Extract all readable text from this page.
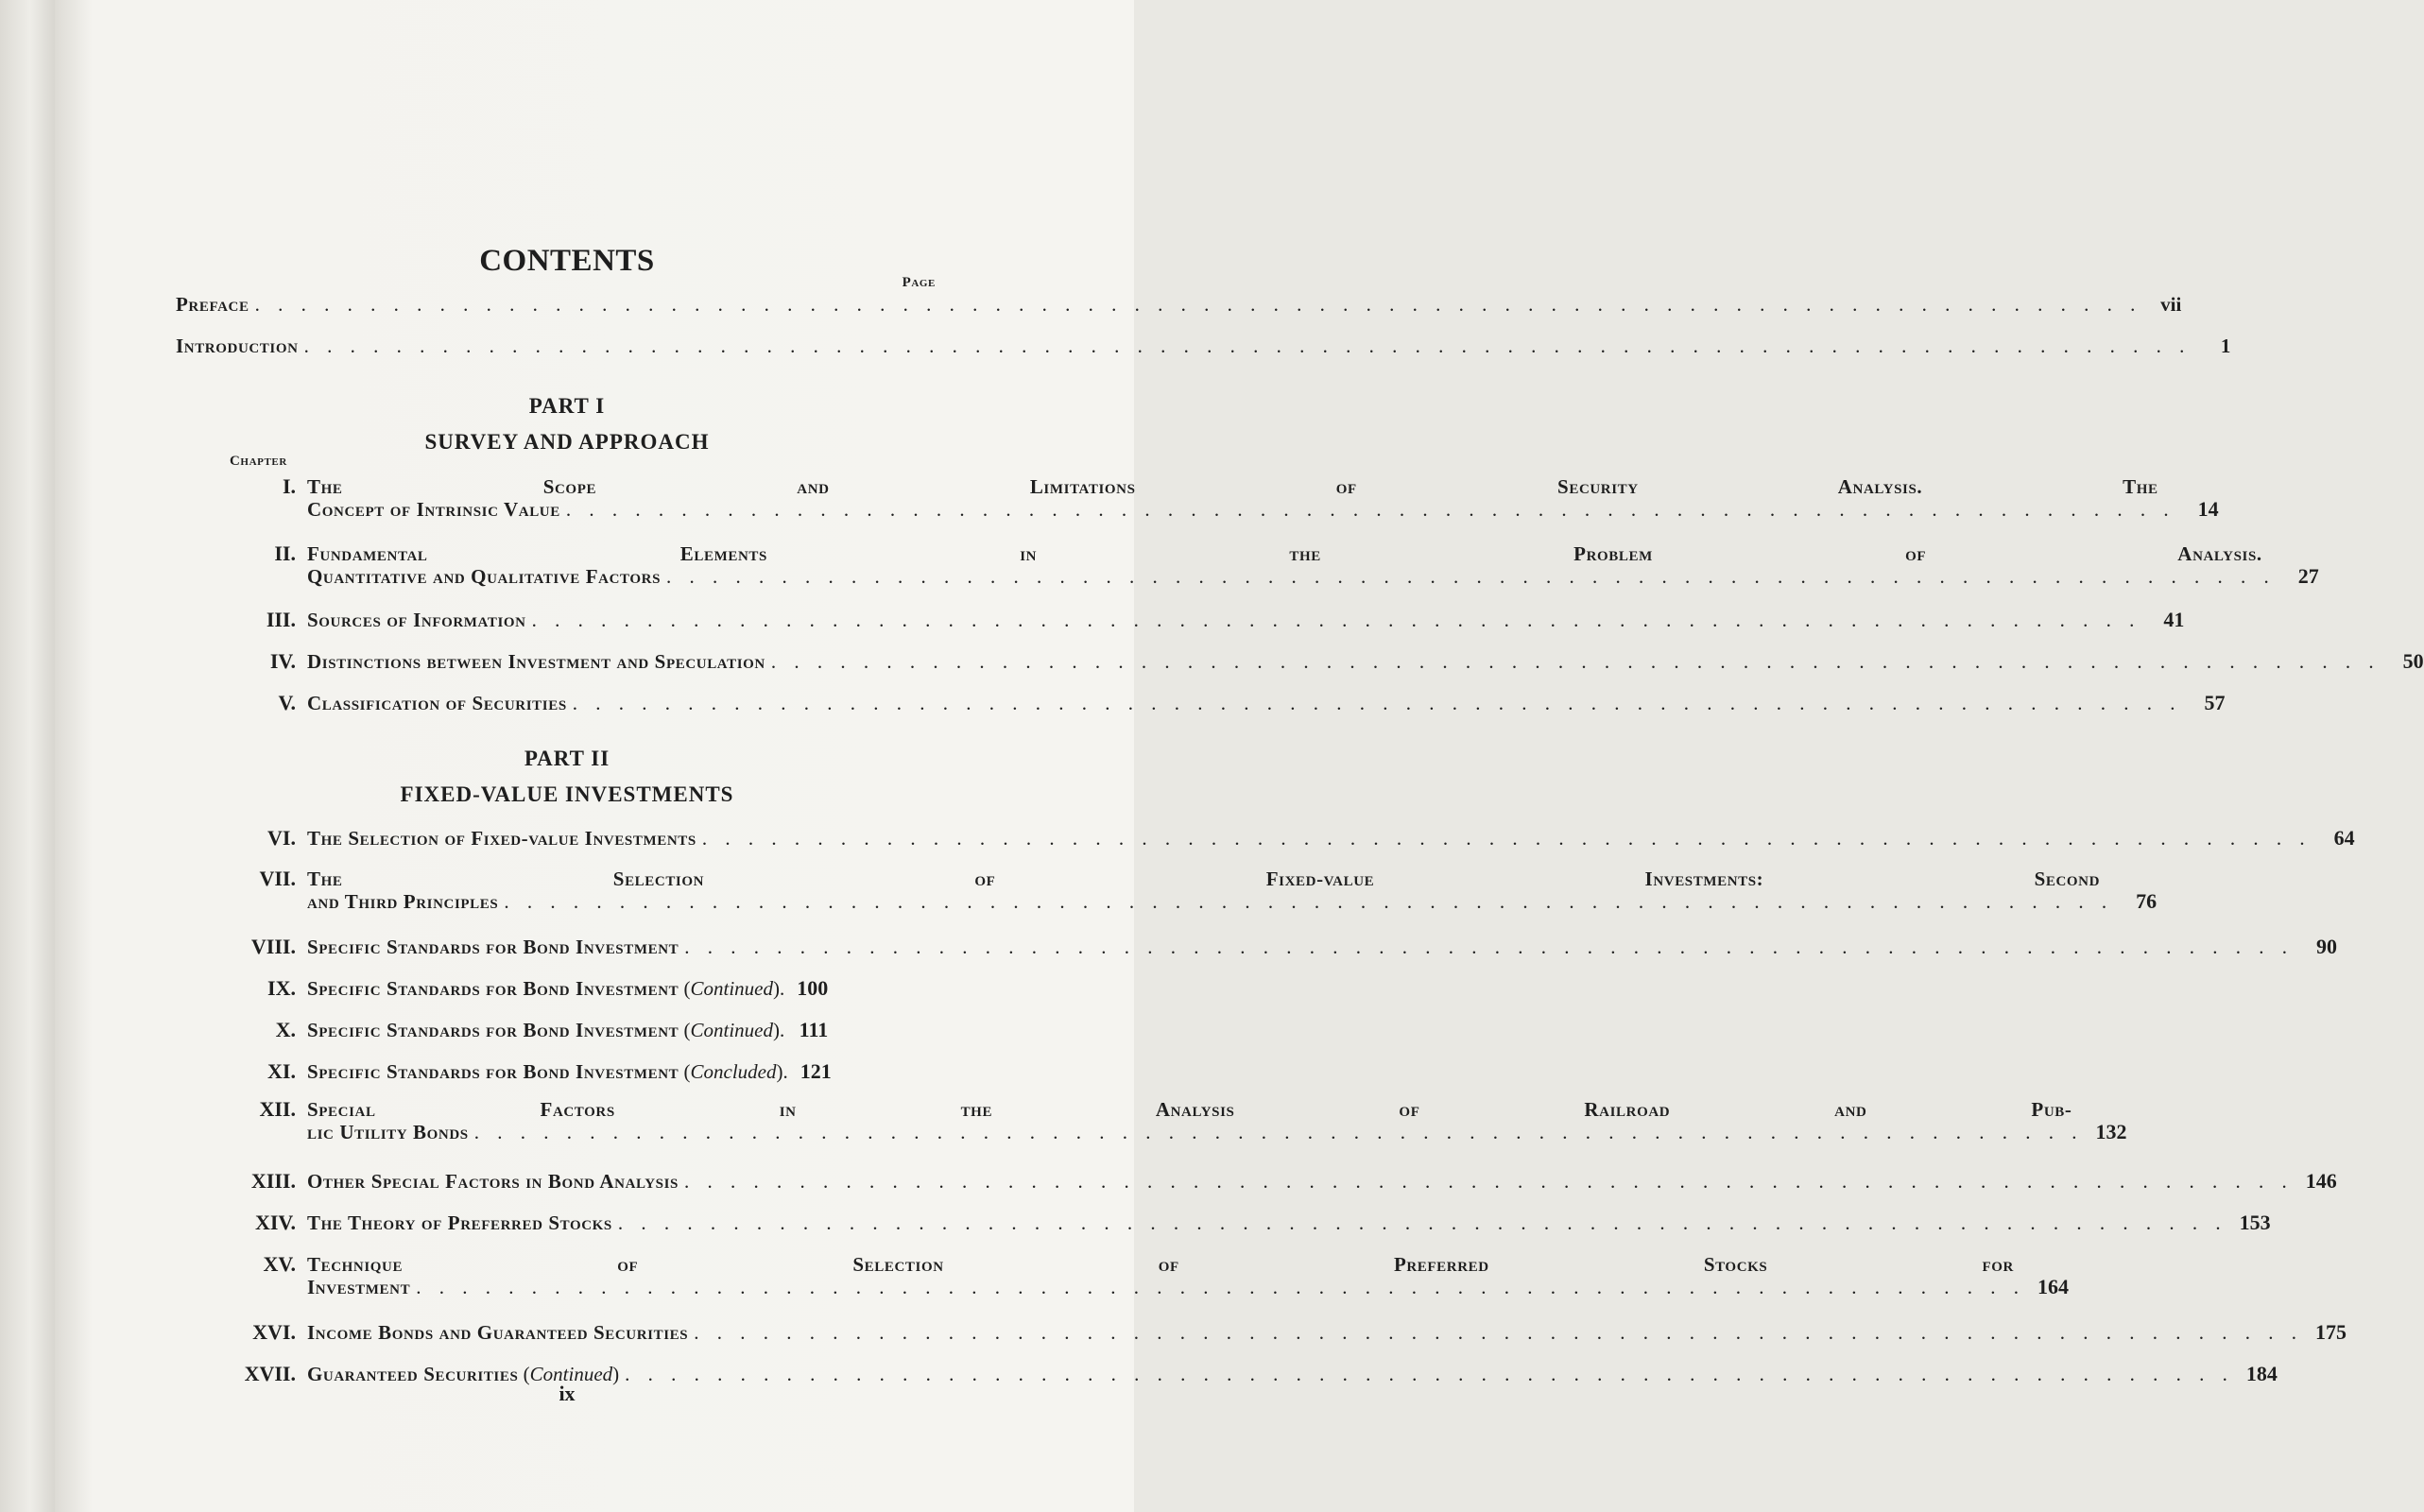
CONTENTS
Page
Preface . . .	vii
Introduction . . .	1
PART I
SURVEY AND APPROACH
Chapter
I. The Scope and Limitations of Security Analysis. The
Concept of Intrinsic Value . . .	14
II. Fundamental Elements in the Problem of Analysis.
Quantitative and Qualitative Factors . . .	27
III. Sources of Information . . .	41
IV. Distinctions between Investment and Speculation . . .	50
V. Classification of Securities . . .	57
PART II
FIXED-VALUE INVESTMENTS
VI. The Selection of Fixed-value Investments . . .	64
VII. The Selection of Fixed-value Investments: Second
and Third Principles . . .	76
VIII. Specific Standards for Bond Investment . . .	90
IX. Specific Standards for Bond Investment (Continued). 100
X. Specific Standards for Bond Investment (Continued). 111
XI. Specific Standards for Bond Investment (Concluded). 121
XII. Special Factors in the Analysis of Railroad and Pub-
lic Utility Bonds . . .	132
XIII. Other Special Factors in Bond Analysis . . .	146
XIV. The Theory of Preferred Stocks . . .	153
XV. Technique of Selection of Preferred Stocks for
Investment . . .	164
XVI. Income Bonds and Guaranteed Securities . . .	175
XVII. Guaranteed Securities (Continued) . . .	184
ix
